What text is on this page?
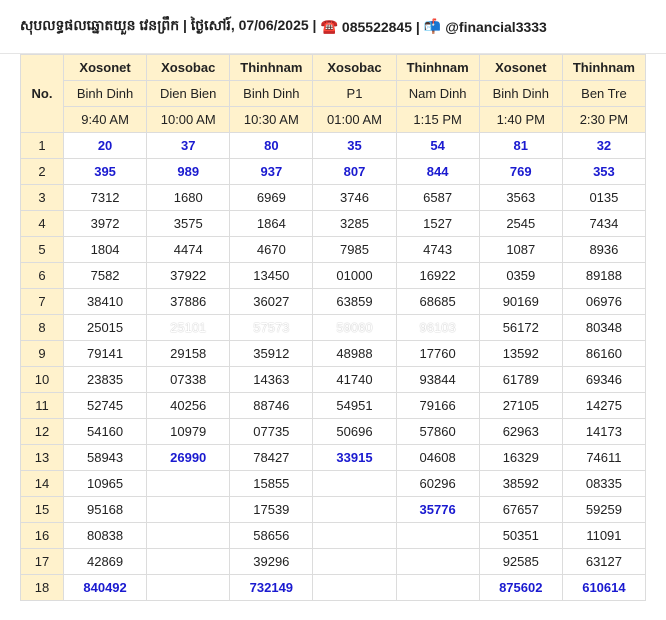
សុបលទ្ធផលឆ្នោតយួន វេនព្រឹក | ថ្ងៃសៅរ៍, 07/06/2025 | ☎️ 085522845 | 📬 @financial3333
No.	Xosonet	Xosobac	Thinhnam	Xosobac	Thinhnam	Xosonet	Thinhnam
	Binh Dinh	Dien Bien	Binh Dinh	P1	Nam Dinh	Binh Dinh	Ben Tre
	9:40 AM	10:00 AM	10:30 AM	01:00 AM	1:15 PM	1:40 PM	2:30 PM
1	20	37	80	35	54	81	32
2	395	989	937	807	844	769	353
3	7312	1680	6969	3746	6587	3563	0135
4	3972	3575	1864	3285	1527	2545	7434
5	1804	4474	4670	7985	4743	1087	8936
6	7582	37922	13450	01000	16922	0359	89188
7	38410	37886	36027	63859	68685	90169	06976
8	25015	25101	57573	59060	96103	56172	80348
9	79141	29158	35912	48988	17760	13592	86160
10	23835	07338	14363	41740	93844	61789	69346
11	52745	40256	88746	54951	79166	27105	14275
12	54160	10979	07735	50696	57860	62963	14173
13	58943	26990	78427	33915	04608	16329	74611
14	10965		15855		60296	38592	08335
15	95168		17539		35776	67657	59259
16	80838		58656			50351	11091
17	42869		39296			92585	63127
18	840492		732149			875602	610614
